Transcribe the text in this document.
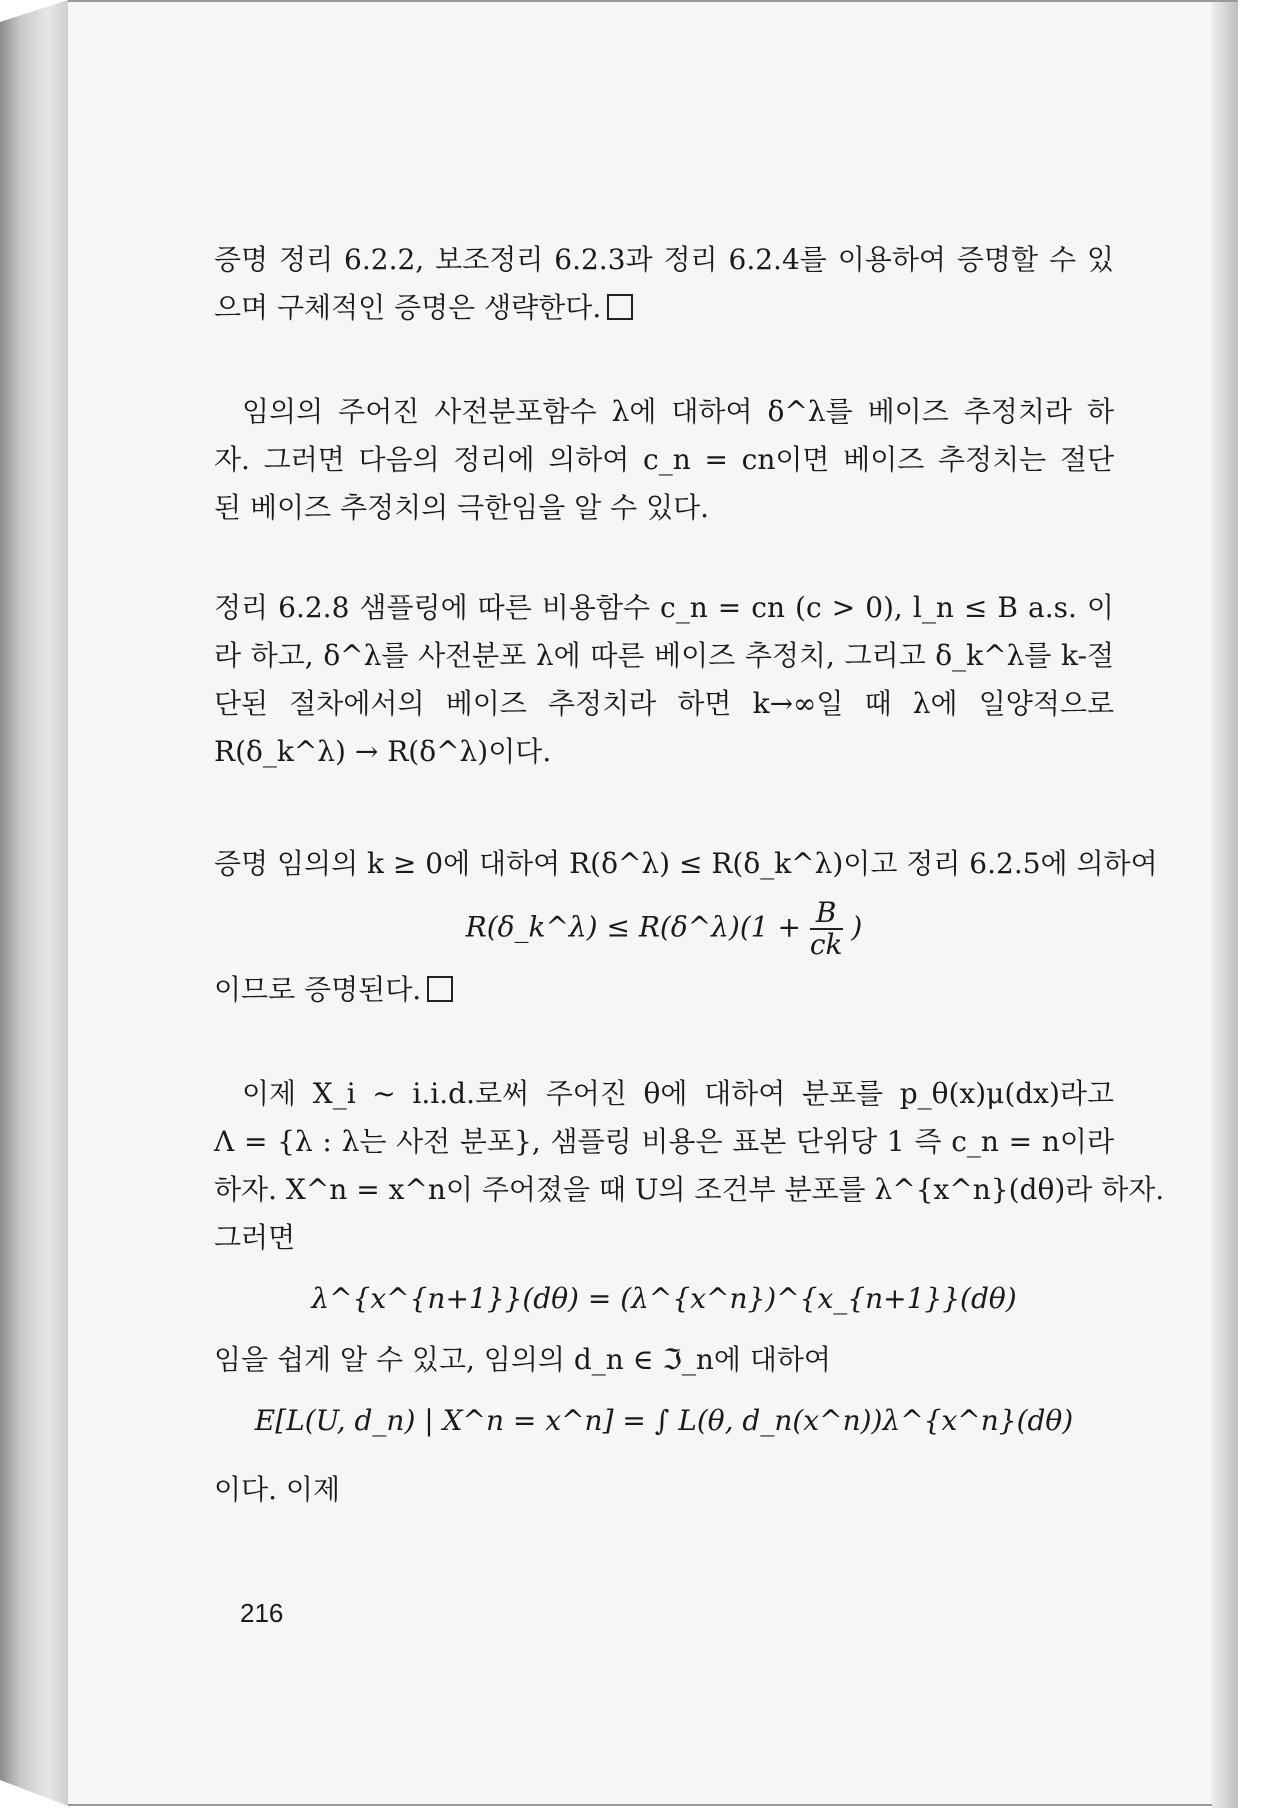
증명 정리 6.2.2, 보조정리 6.2.3과 정리 6.2.4를 이용하여 증명할 수 있
으며 구체적인 증명은 생략한다.
임의의 주어진 사전분포함수 λ에 대하여 δ^λ를 베이즈 추정치라 하
자. 그러면 다음의 정리에 의하여 c_n = cn이면 베이즈 추정치는 절단
된 베이즈 추정치의 극한임을 알 수 있다.
정리 6.2.8 샘플링에 따른 비용함수 c_n = cn (c > 0), l_n ≤ B a.s. 이
라 하고, δ^λ를 사전분포 λ에 따른 베이즈 추정치, 그리고 δ_k^λ를 k-절
단된 절차에서의 베이즈 추정치라 하면 k→∞일 때 λ에 일양적으로
R(δ_k^λ) → R(δ^λ)이다.
증명 임의의 k ≥ 0에 대하여 R(δ^λ) ≤ R(δ_k^λ)이고 정리 6.2.5에 의하여
R(δ_k^λ) ≤ R(δ^λ)(1 + $\frac{B}{ck}$ )
이므로 증명된다.
이제 X_i ~ i.i.d.로써 주어진 θ에 대하여 분포를 p_θ(x)μ(dx)라고
Λ = {λ : λ는 사전 분포}, 샘플링 비용은 표본 단위당 1 즉 c_n = n이라
하자. X^n = x^n이 주어졌을 때 U의 조건부 분포를 λ^{x^n}(dθ)라 하자.
그러면
λ^{x^{n+1}}(dθ) = (λ^{x^n})^{x_{n+1}}(dθ)
임을 쉽게 알 수 있고, 임의의 d_n ∈ ℑ_n에 대하여
E[L(U, d_n) | X^n = x^n] = ∫ L(θ, d_n(x^n))λ^{x^n}(dθ)
이다. 이제
216
